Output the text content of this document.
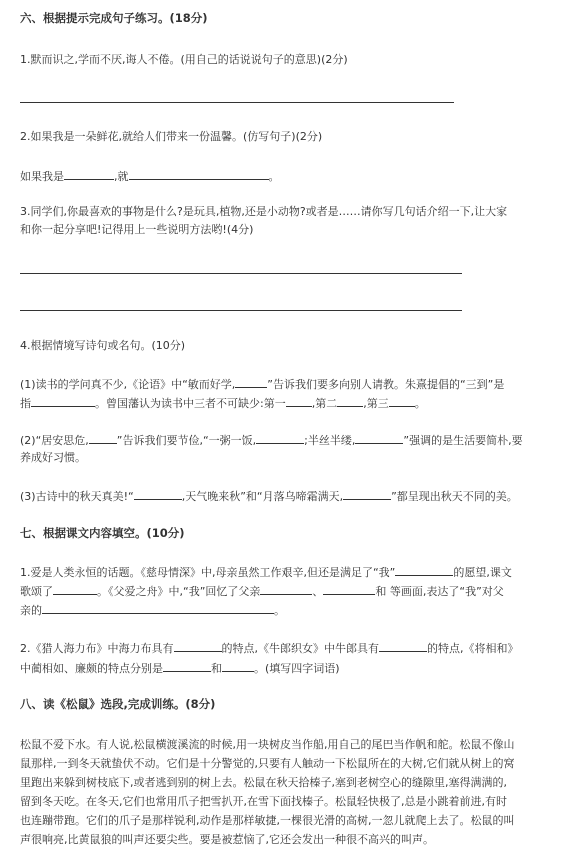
六、根据提示完成句子练习。(18分)
1.默而识之,学而不厌,诲人不倦。(用自己的话说说句子的意思)(2分)
2.如果我是一朵鲜花,就给人们带来一份温馨。(仿写句子)(2分)
如果我是	,就	。
3.同学们,你最喜欢的事物是什么?是玩具,植物,还是小动物?或者是……请你写几句话介绍一下,让大家
和你一起分享吧!记得用上一些说明方法哟!(4分)
4.根据情境写诗句或名句。(10分)
(1)读书的学问真不少,《论语》中“敏而好学,	”告诉我们要多向别人请教。朱熹提倡的“三到”是
指	。曾国藩认为读书中三者不可缺少:第一 ,第二 ,第三 。
(2)“居安思危,	”告诉我们要节俭,“一粥一饭,	;半丝半缕,	”强调的是生活要简朴,要
养成好习惯。
(3)古诗中的秋天真美!“	,天气晚来秋”和“月落乌啼霜满天,	”都呈现出秋天不同的美。
七、根据课文内容填空。(10分)
1.爱是人类永恒的话题。《慈母情深》中,母亲虽然工作艰辛,但还是满足了“我”	的愿望,课文
歌颂了	。《父爱之舟》中,“我”回忆了父亲	、	和 等画面,表达了“我”对父
亲的	。
2.《猎人海力布》中海力布具有	的特点,《牛郎织女》中牛郎具有	的特点,《将相和》
中蔺相如、廉颇的特点分别是	和	。(填写四字词语)
八、读《松鼠》选段,完成训练。(8分)

松鼠不爱下水。有人说,松鼠横渡溪流的时候,用一块树皮当作船,用自己的尾巴当作帆和舵。松鼠不像山

鼠那样,一到冬天就蛰伏不动。它们是十分警觉的,只要有人触动一下松鼠所在的大树,它们就从树上的窝

里跑出来躲到树枝底下,或者逃到别的树上去。松鼠在秋天拾榛子,塞到老树空心的缝隙里,塞得满满的,

留到冬天吃。在冬天,它们也常用爪子把雪扒开,在雪下面找榛子。松鼠轻快极了,总是小跳着前进,有时

也连蹦带跑。它们的爪子是那样锐利,动作是那样敏捷,一棵很光滑的高树,一忽儿就爬上去了。松鼠的叫

声很响亮,比黄鼠狼的叫声还要尖些。要是被惹恼了,它还会发出一种很不高兴的叫声。
